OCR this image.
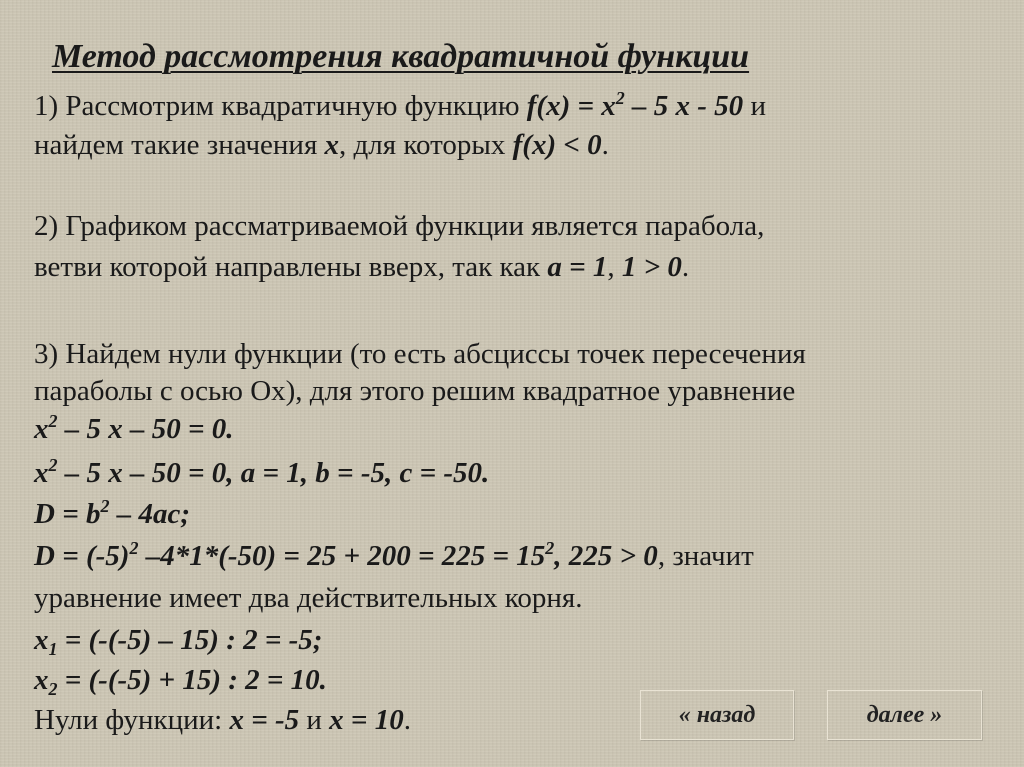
Метод рассмотрения квадратичной функции
1) Рассмотрим квадратичную функцию $f(x) = x^2 - 5$ x - 50 и
найдем такие значения x, для которых f(x) < 0.
2) Графиком рассматриваемой функции является парабола,
ветви которой направлены вверх, так как a = 1, 1 > 0.
3) Найдем нули функции (то есть абсциссы точек пересечения
параболы с осью Ох), для этого решим квадратное уравнение
$x^2 - 5$ x – 50 = 0.
$x^2 - 5$ x – 50 = 0, a = 1, b = -5, c = -50.
$D = b^2 - 4ac$;
$D = (-5)^2$ $-4*1*(-50) = 25 + 200 = 225 = 15^2$, 225 > 0, значит
уравнение имеет два действительных корня.
$x_1 = (-(-5) - 15)$ : 2 = -5;
$x_2 = (-(-5) + 15)$ : 2 = 10.
Нули функции: x = -5 и x = 10.	« назад	далее »
